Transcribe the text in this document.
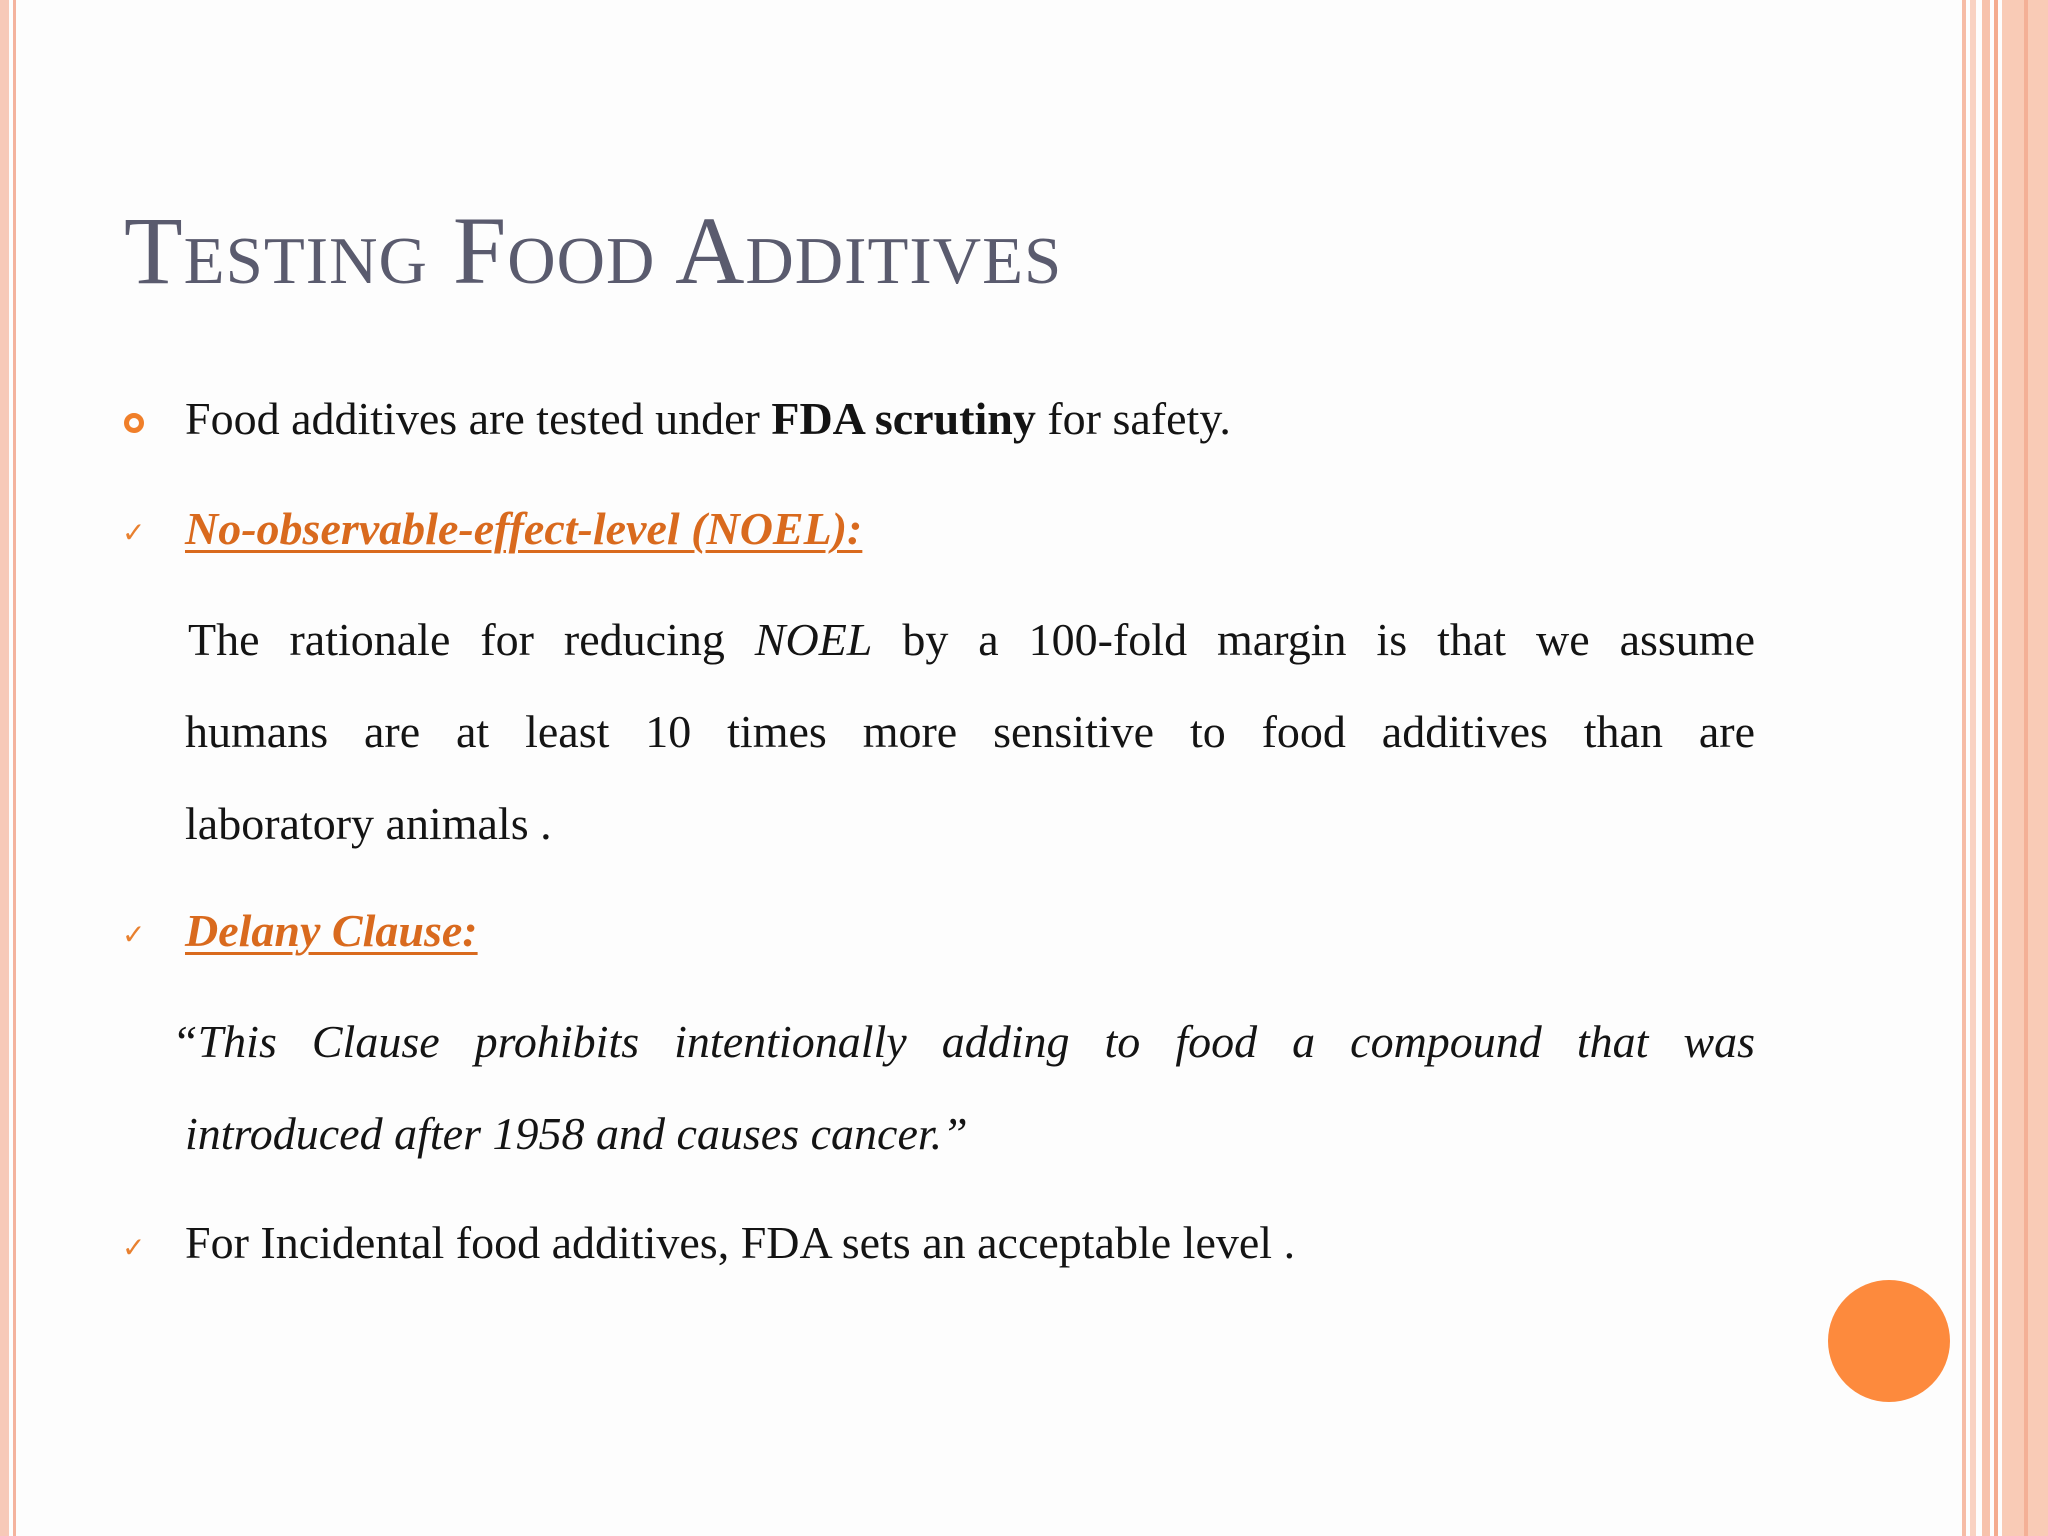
Testing Food Additives
Food additives are tested under FDA scrutiny for safety.
✓ No-observable-effect-level (NOEL):
The rationale for reducing NOEL by a 100-fold margin is that we assume
humans are at least 10 times more sensitive to food additives than are
laboratory animals .
✓ Delany Clause:
“This Clause prohibits intentionally adding to food a compound that was
introduced after 1958 and causes cancer.”
✓ For Incidental food additives, FDA sets an acceptable level .
